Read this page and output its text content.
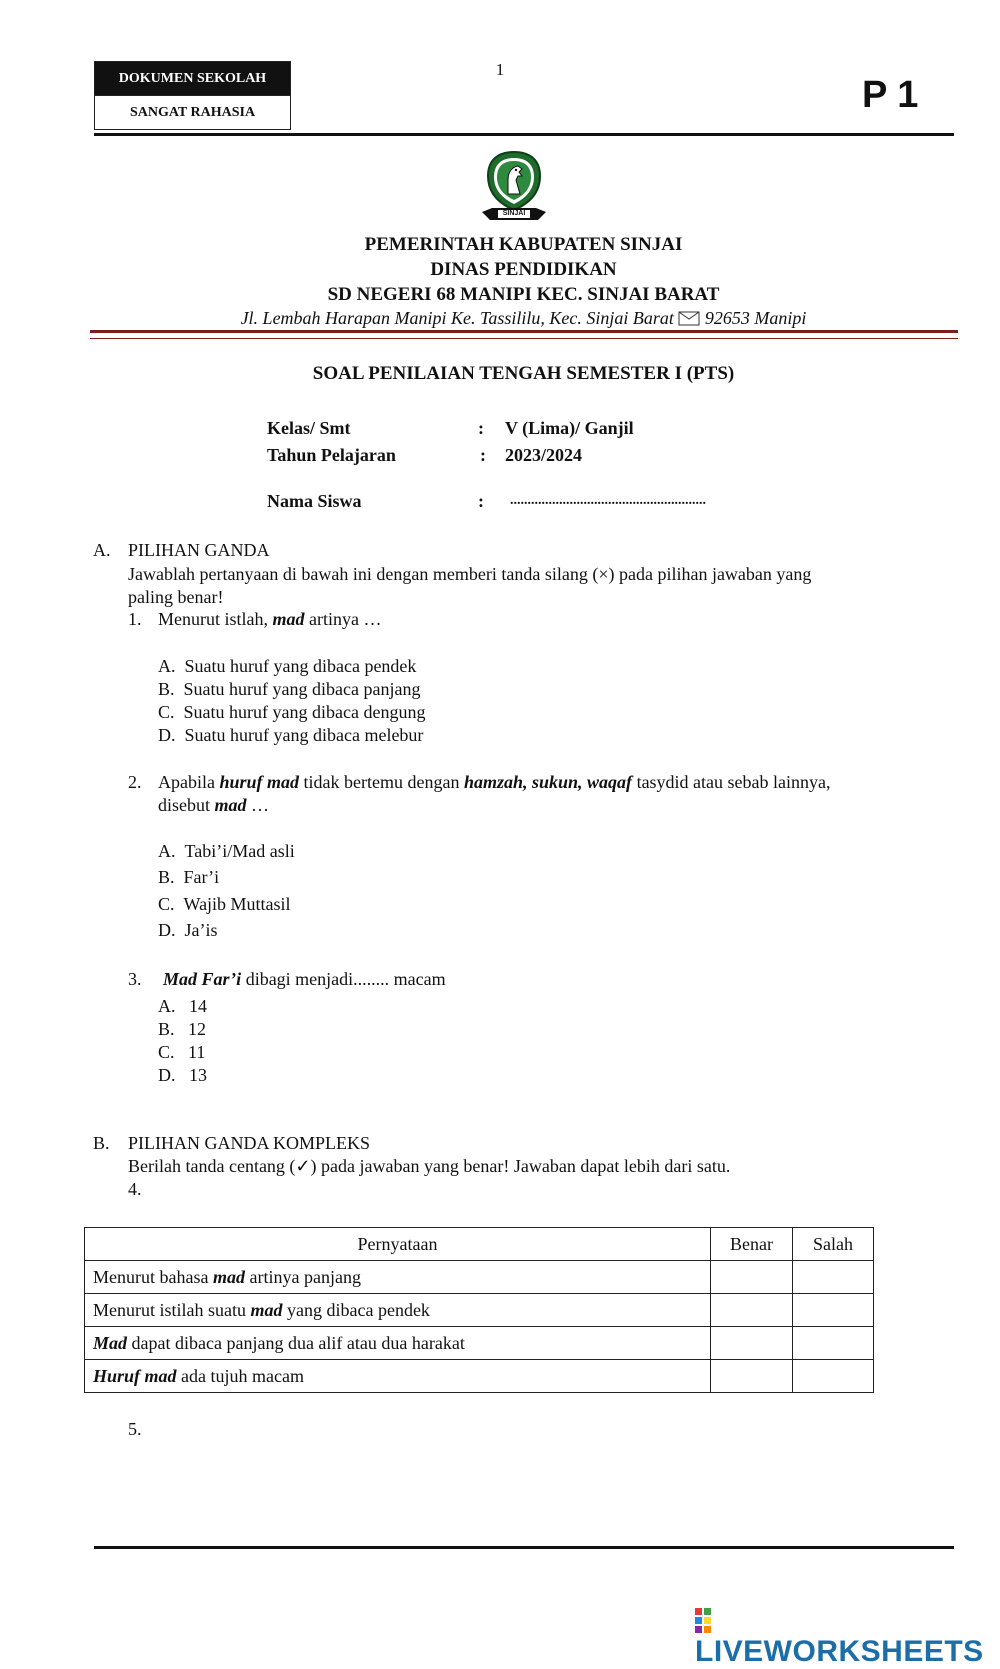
DOKUMEN SEKOLAH
SANGAT RAHASIA
1
P 1
SINJAI
PEMERINTAH KABUPATEN SINJAI
DINAS PENDIDIKAN
SD NEGERI 68 MANIPI KEC. SINJAI BARAT
Jl. Lembah Harapan Manipi Ke. Tassililu, Kec. Sinjai Barat 92653 Manipi
SOAL PENILAIAN TENGAH SEMESTER I (PTS)
Kelas/ Smt	: V (Lima)/ Ganjil
Tahun Pelajaran	: 2023/2024
Nama Siswa	: ........................................................
A. PILIHAN GANDA
Jawablah pertanyaan di bawah ini dengan memberi tanda silang (×) pada pilihan jawaban yang
paling benar!
1. Menurut istlah, mad artinya …
A. Suatu huruf yang dibaca pendek
B. Suatu huruf yang dibaca panjang
C. Suatu huruf yang dibaca dengung
D. Suatu huruf yang dibaca melebur
2. Apabila huruf mad tidak bertemu dengan hamzah, sukun, waqaf tasydid atau sebab lainnya,
disebut mad …
A. Tabi’i/Mad asli
B. Far’i
C. Wajib Muttasil
D. Ja’is
3. Mad Far’i dibagi menjadi........ macam
A. 14
B. 12
C. 11
D. 13
B. PILIHAN GANDA KOMPLEKS
Berilah tanda centang (✓) pada jawaban yang benar! Jawaban dapat lebih dari satu.
4.
Pernyataan	Benar	Salah
Menurut bahasa mad artinya panjang		
Menurut istilah suatu mad yang dibaca pendek		
Mad dapat dibaca panjang dua alif atau dua harakat		
Huruf mad ada tujuh macam		
5.
LIVEWORKSHEETS
